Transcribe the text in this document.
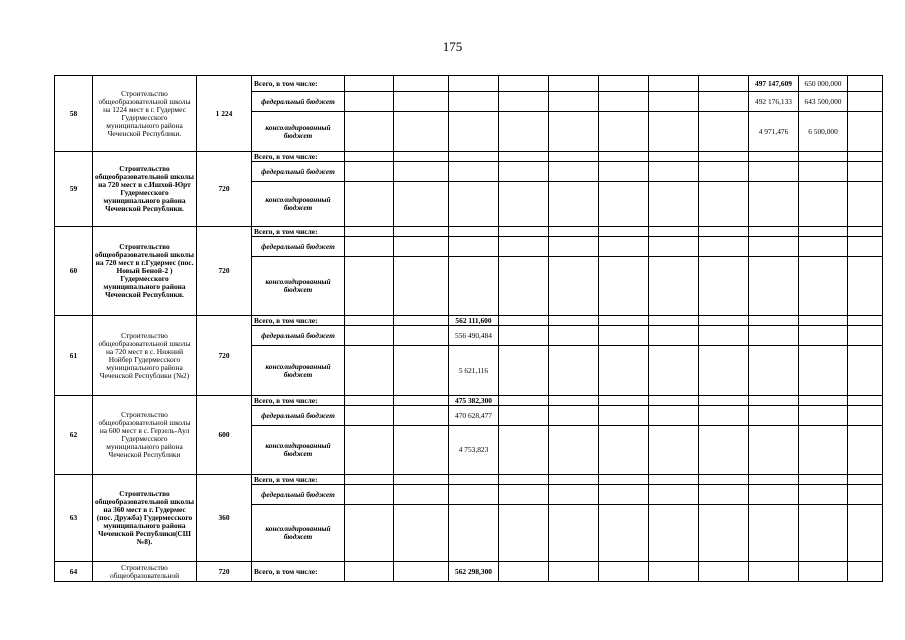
175
58	Строительство общеобразовательной школы на 1224 мест в г. Гудермес Гудермесского муниципального района Чеченской Республики.	1 224	Всего, в том числе:									497 147,609	650 000,000	
			федеральный бюджет									492 176,133	643 500,000	
			консолидированный бюджет									4 971,476	6 500,000	
59	Строительство общеобразовательной школы на 720 мест в с.Ишхой-Юрт Гудермесского муниципального района Чеченской Республики.	720	Всего, в том числе:											
			федеральный бюджет											
			консолидированный бюджет											
60	Строительство общеобразовательной школы на 720 мест в г.Гудермес (пос. Новый Беной-2 ) Гудермесского муниципального района Чеченской Республики.	720	Всего, в том числе:											
			федеральный бюджет											
			консолидированный бюджет											
61	Строительство общеобразовательной школы на 720 мест в с. Нижний Нойбер Гудермесского муниципального района Чеченской Республики (№2)	720	Всего, в том числе:			562 111,600								
			федеральный бюджет			556 490,484								
			консолидированный бюджет			5 621,116								
62	Строительство общеобразовательной школы на 600 мест в с. Герзель-Аул Гудермесского муниципального района Чеченской Республики	600	Всего, в том числе:			475 382,300								
			федеральный бюджет			470 628,477								
			консолидированный бюджет			4 753,823								
63	Строительство общеобразовательной школы на 360 мест в г. Гудермес (пос. Дружба) Гудермесского муниципального района Чеченской Республики(СШ №8).	360	Всего, в том числе:											
			федеральный бюджет											
			консолидированный бюджет											
64	Строительство общеобразовательной	720	Всего, в том числе:			562 298,300								
